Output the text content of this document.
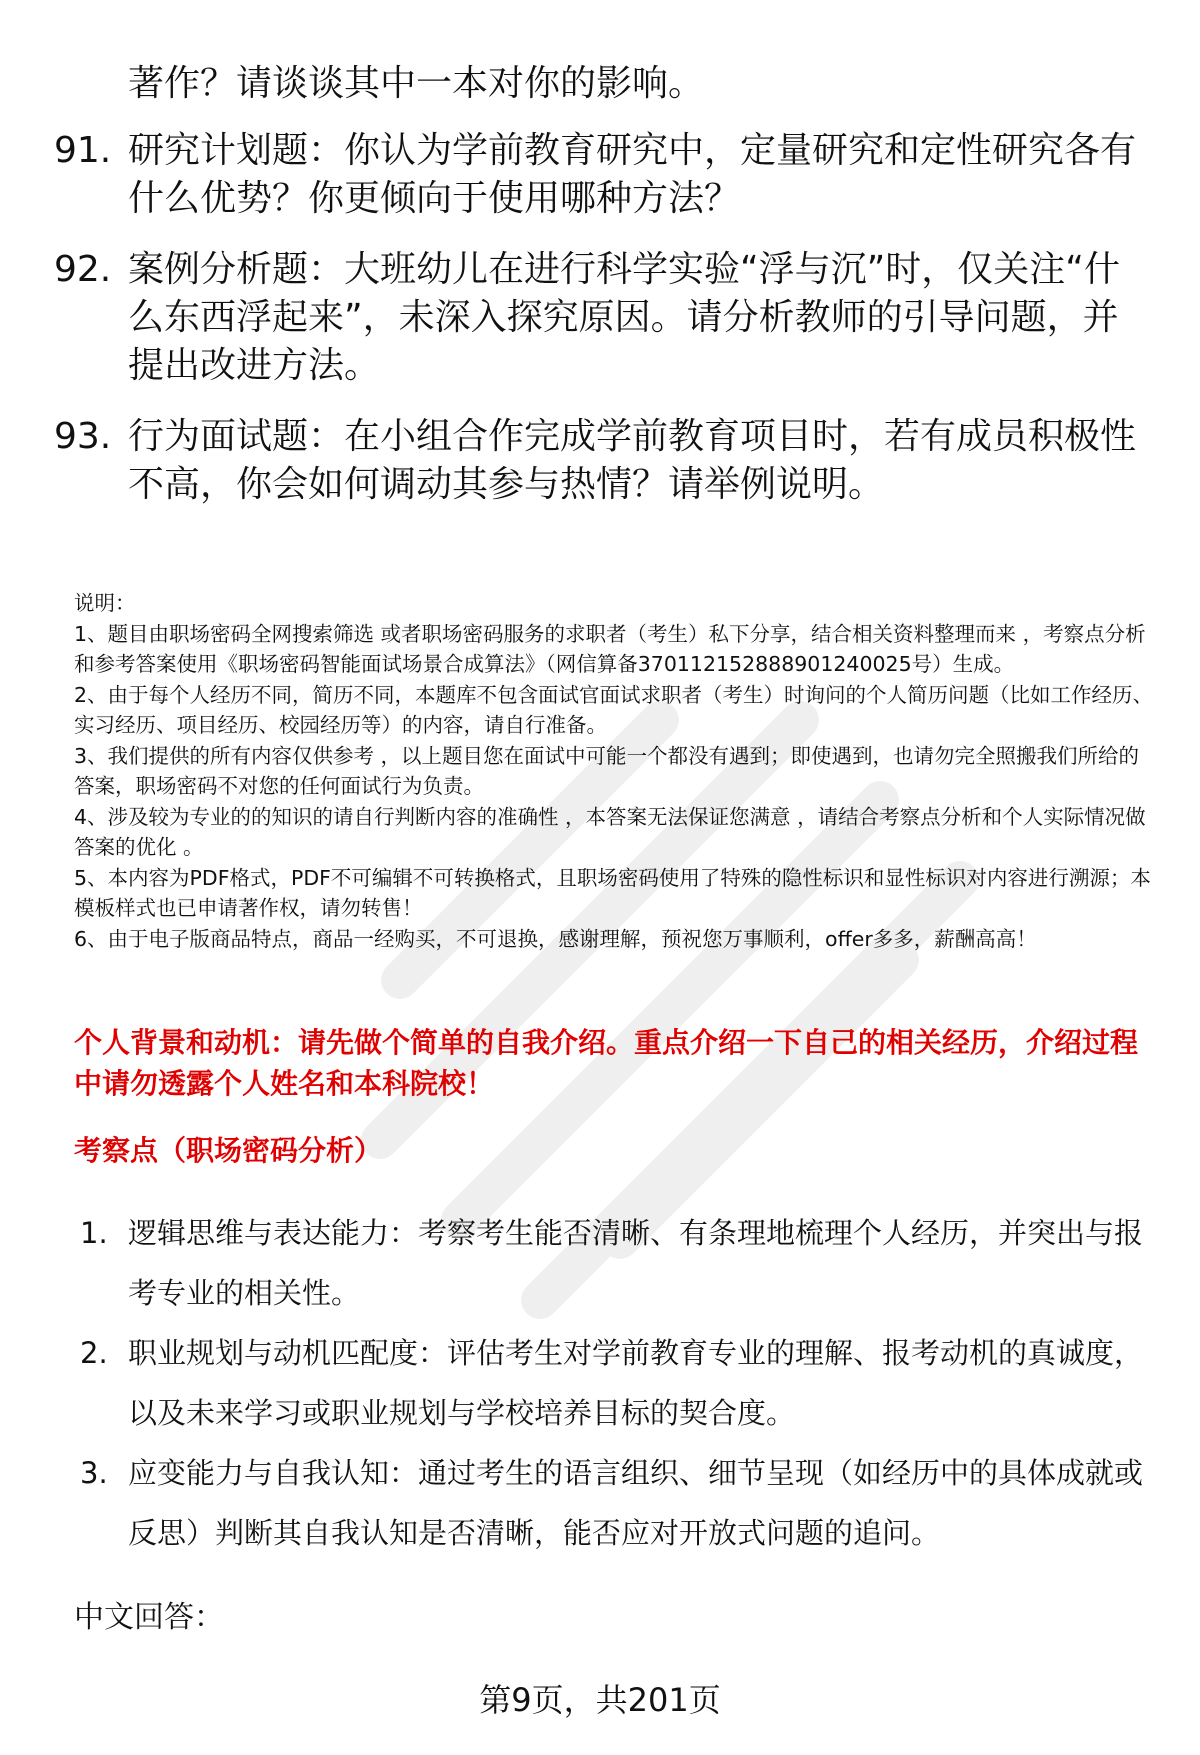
著作？请谈谈其中一本对你的影响。
91. 研究计划题：你认为学前教育研究中，定量研究和定性研究各有什么优势？你更倾向于使用哪种方法？
92. 案例分析题：大班幼儿在进行科学实验“浮与沉”时，仅关注“什么东西浮起来”，未深入探究原因。请分析教师的引导问题，并提出改进方法。
93. 行为面试题：在小组合作完成学前教育项目时，若有成员积极性不高，你会如何调动其参与热情？请举例说明。
说明：
1、题目由职场密码全网搜索筛选 或者职场密码服务的求职者（考生）私下分享，结合相关资料整理而来 ，考察点分析和参考答案使用《职场密码智能面试场景合成算法》（网信算备370112152888901240025号）生成。
2、由于每个人经历不同，简历不同，本题库不包含面试官面试求职者（考生）时询问的个人简历问题（比如工作经历、实习经历、项目经历、校园经历等）的内容，请自行准备。
3、我们提供的所有内容仅供参考 ，以上题目您在面试中可能一个都没有遇到；即使遇到，也请勿完全照搬我们所给的答案，职场密码不对您的任何面试行为负责。
4、涉及较为专业的的知识的请自行判断内容的准确性 ，本答案无法保证您满意 ，请结合考察点分析和个人实际情况做答案的优化 。
5、本内容为PDF格式，PDF不可编辑不可转换格式，且职场密码使用了特殊的隐性标识和显性标识对内容进行溯源；本模板样式也已申请著作权，请勿转售！
6、由于电子版商品特点，商品一经购买，不可退换，感谢理解，预祝您万事顺利，offer多多，薪酬高高！
个人背景和动机：请先做个简单的自我介绍。重点介绍一下自己的相关经历，介绍过程中请勿透露个人姓名和本科院校！
考察点（职场密码分析）
1. 逻辑思维与表达能力：考察考生能否清晰、有条理地梳理个人经历，并突出与报考专业的相关性。
2. 职业规划与动机匹配度：评估考生对学前教育专业的理解、报考动机的真诚度，以及未来学习或职业规划与学校培养目标的契合度。
3. 应变能力与自我认知：通过考生的语言组织、细节呈现（如经历中的具体成就或反思）判断其自我认知是否清晰，能否应对开放式问题的追问。
中文回答：
第9页，共201页
